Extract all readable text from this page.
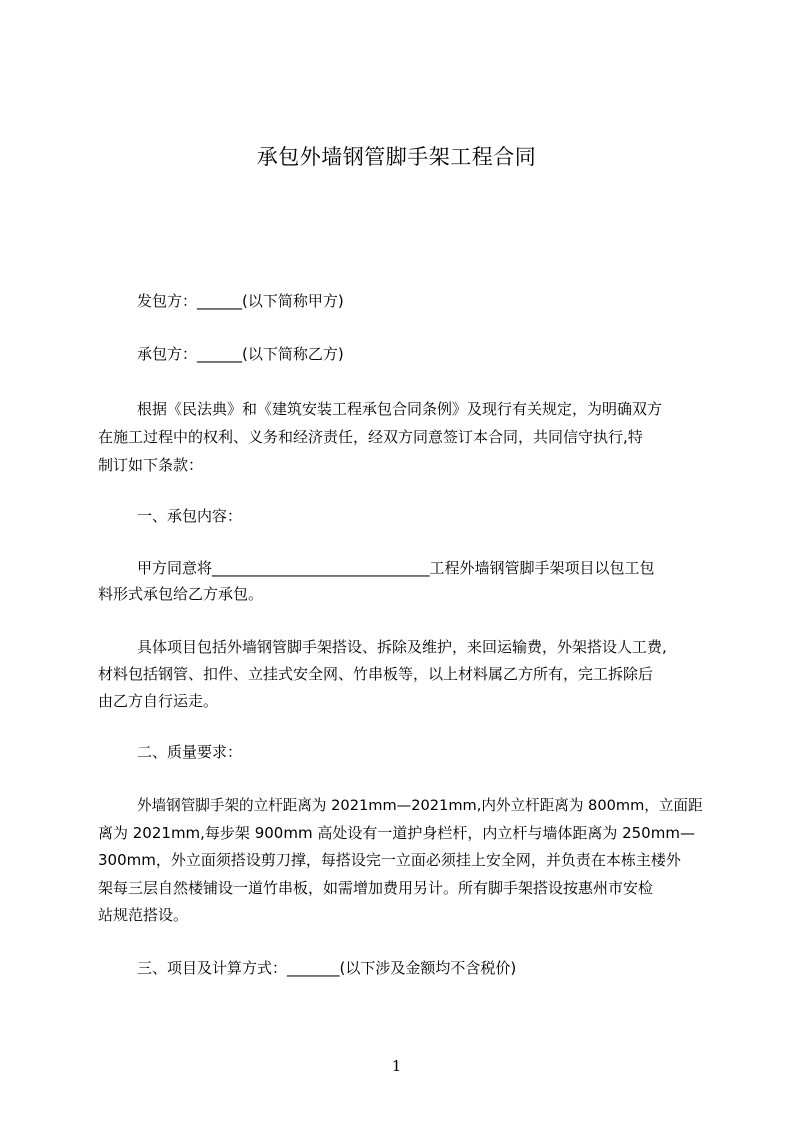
承包外墙钢管脚手架工程合同
发包方：______(以下简称甲方)
承包方：______(以下简称乙方)
根据《民法典》和《建筑安装工程承包合同条例》及现行有关规定，为明确双方
在施工过程中的权利、义务和经济责任，经双方同意签订本合同，共同信守执行,特
制订如下条款：
一、承包内容：
甲方同意将_____________________________工程外墙钢管脚手架项目以包工包
料形式承包给乙方承包。
具体项目包括外墙钢管脚手架搭设、拆除及维护，来回运输费，外架搭设人工费,
材料包括钢管、扣件、立挂式安全网、竹串板等，以上材料属乙方所有，完工拆除后
由乙方自行运走。
二、质量要求：
外墙钢管脚手架的立杆距离为 2021mm—2021mm,内外立杆距离为 800mm，立面距
离为 2021mm,每步架 900mm 高处设有一道护身栏杆，内立杆与墙体距离为 250mm—
300mm，外立面须搭设剪刀撑，每搭设完一立面必须挂上安全网，并负责在本栋主楼外
架每三层自然楼铺设一道竹串板，如需增加费用另计。所有脚手架搭设按惠州市安检
站规范搭设。
三、项目及计算方式：_______(以下涉及金额均不含税价)
1
